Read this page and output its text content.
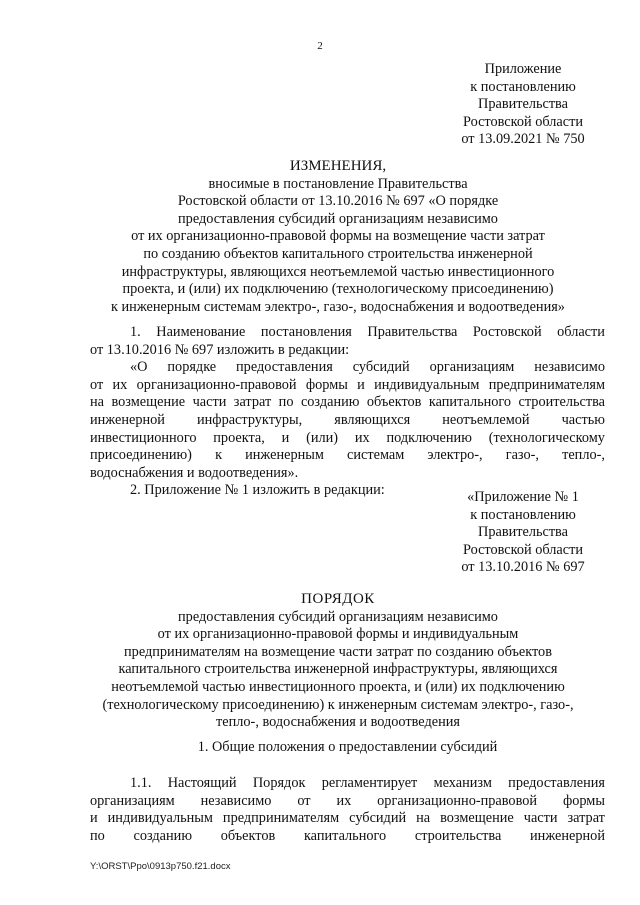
2
Приложение
к постановлению
Правительства
Ростовской области
от 13.09.2021 № 750
ИЗМЕНЕНИЯ,
вносимые в постановление Правительства
Ростовской области от 13.10.2016 № 697 «О порядке
предоставления субсидий организациям независимо
от их организационно-правовой формы на возмещение части затрат
по созданию объектов капитального строительства инженерной
инфраструктуры, являющихся неотъемлемой частью инвестиционного
проекта, и (или) их подключению (технологическому присоединению)
к инженерным системам электро-, газо-, водоснабжения и водоотведения»
1. Наименование постановления Правительства Ростовской области
от 13.10.2016 № 697 изложить в редакции:
«О порядке предоставления субсидий организациям независимо
от их организационно-правовой формы и индивидуальным предпринимателям
на возмещение части затрат по созданию объектов капитального строительства
инженерной инфраструктуры, являющихся неотъемлемой частью
инвестиционного проекта, и (или) их подключению (технологическому
присоединению) к инженерным системам электро-, газо-, тепло-,
водоснабжения и водоотведения».
2. Приложение № 1 изложить в редакции:	«Приложение № 1
к постановлению
Правительства
Ростовской области
от 13.10.2016 № 697
ПОРЯДОК
предоставления субсидий организациям независимо
от их организационно-правовой формы и индивидуальным
предпринимателям на возмещение части затрат по созданию объектов
капитального строительства инженерной инфраструктуры, являющихся
неотъемлемой частью инвестиционного проекта, и (или) их подключению
(технологическому присоединению) к инженерным системам электро-, газо-,
тепло-, водоснабжения и водоотведения
1. Общие положения о предоставлении субсидий
1.1. Настоящий Порядок регламентирует механизм предоставления
организациям независимо от их организационно-правовой формы
и индивидуальным предпринимателям субсидий на возмещение части затрат
по созданию объектов капитального строительства инженерной
Y:\ORST\Ppo\0913p750.f21.docx
